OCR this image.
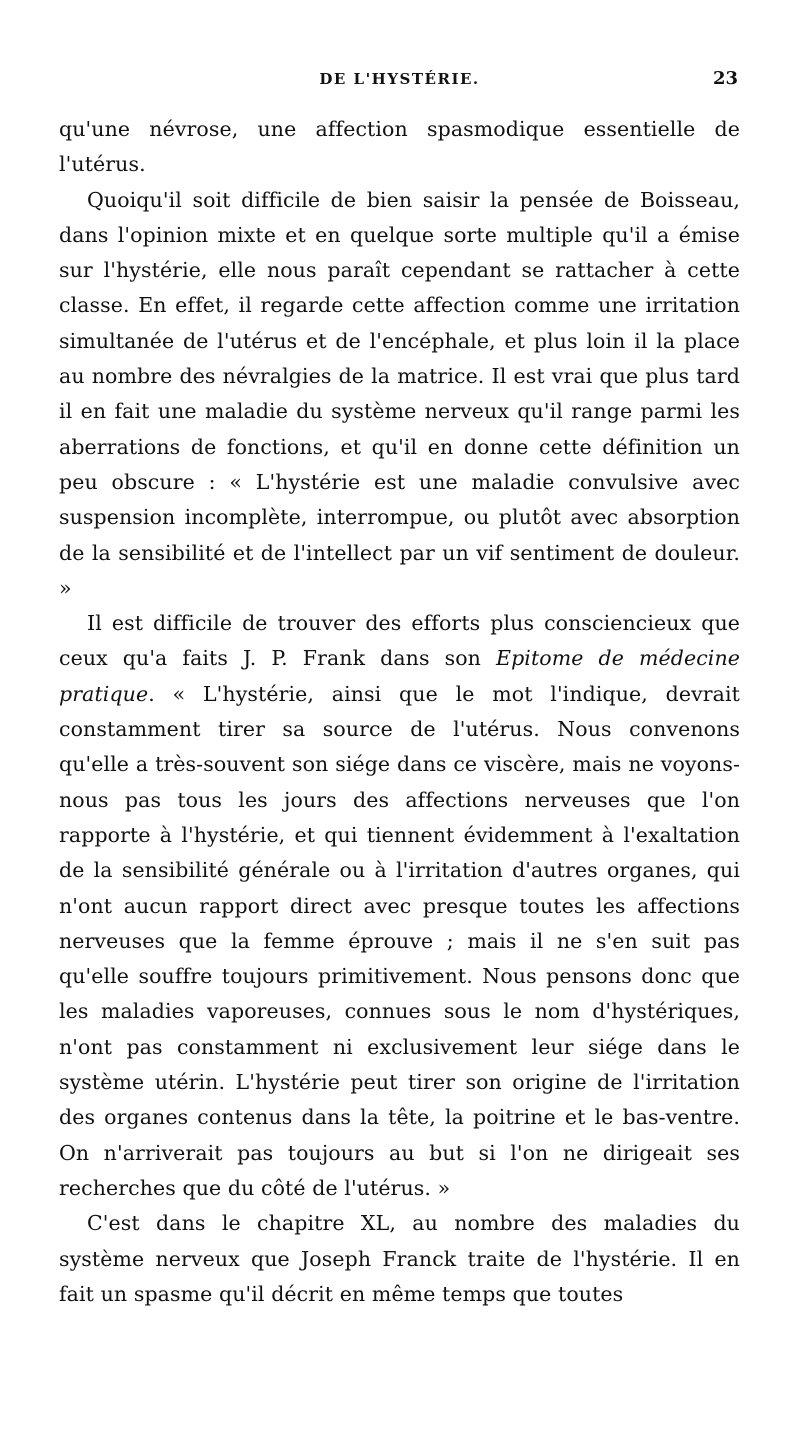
DE L'HYSTÉRIE.	23

qu'une névrose, une affection spasmodique essentielle de l'utérus.

Quoiqu'il soit difficile de bien saisir la pensée de Boisseau, dans l'opinion mixte et en quelque sorte multiple qu'il a émise sur l'hystérie, elle nous paraît cependant se rattacher à cette classe. En effet, il regarde cette affection comme une irritation simultanée de l'utérus et de l'encéphale, et plus loin il la place au nombre des névralgies de la matrice. Il est vrai que plus tard il en fait une maladie du système nerveux qu'il range parmi les aberrations de fonctions, et qu'il en donne cette définition un peu obscure : « L'hystérie est une maladie convulsive avec suspension incomplète, interrompue, ou plutôt avec absorption de la sensibilité et de l'intellect par un vif sentiment de douleur. »

Il est difficile de trouver des efforts plus consciencieux que ceux qu'a faits J. P. Frank dans son Epitome de médecine pratique. « L'hystérie, ainsi que le mot l'indique, devrait constamment tirer sa source de l'utérus. Nous convenons qu'elle a très-souvent son siége dans ce viscère, mais ne voyons-nous pas tous les jours des affections nerveuses que l'on rapporte à l'hystérie, et qui tiennent évidemment à l'exaltation de la sensibilité générale ou à l'irritation d'autres organes, qui n'ont aucun rapport direct avec presque toutes les affections nerveuses que la femme éprouve ; mais il ne s'en suit pas qu'elle souffre toujours primitivement. Nous pensons donc que les maladies vaporeuses, connues sous le nom d'hystériques, n'ont pas constamment ni exclusivement leur siége dans le système utérin. L'hystérie peut tirer son origine de l'irritation des organes contenus dans la tête, la poitrine et le bas-ventre. On n'arriverait pas toujours au but si l'on ne dirigeait ses recherches que du côté de l'utérus. »

C'est dans le chapitre XL, au nombre des maladies du système nerveux que Joseph Franck traite de l'hystérie. Il en fait un spasme qu'il décrit en même temps que toutes
